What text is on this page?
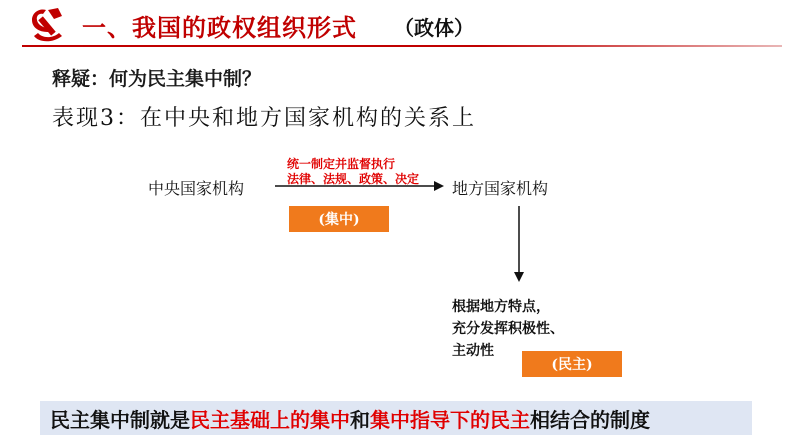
一、我国的政权组织形式 （政体）
释疑：何为民主集中制？
表现3：在中央和地方国家机构的关系上
中央国家机构	地方国家机构
统一制定并监督执行
法律、法规、政策、决定
(集中)
根据地方特点，
充分发挥积极性、
主动性
(民主)
民主集中制就是 民主基础上的集中 和 集中指导下的民主 相结合的制度
